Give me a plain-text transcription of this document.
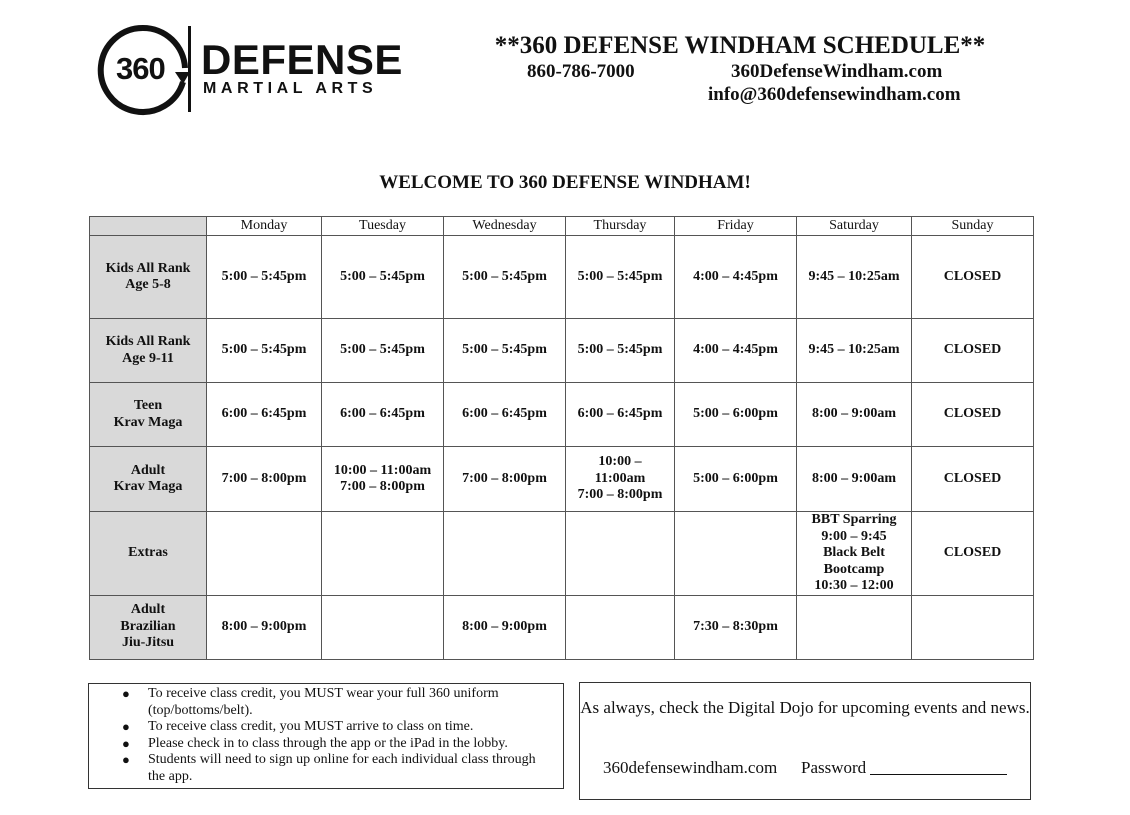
360 DEFENSE
MARTIAL ARTS
**360 DEFENSE WINDHAM SCHEDULE**
860-786-7000	360DefenseWindham.com
info@360defensewindham.com
WELCOME TO 360 DEFENSE WINDHAM!
	Monday	Tuesday	Wednesday	Thursday	Friday	Saturday	Sunday

Kids All Rank
Age 5-8	5:00 – 5:45pm	5:00 – 5:45pm	5:00 – 5:45pm	5:00 – 5:45pm	4:00 – 4:45pm	9:45 – 10:25am	CLOSED

Kids All Rank
Age 9-11	5:00 – 5:45pm	5:00 – 5:45pm	5:00 – 5:45pm	5:00 – 5:45pm	4:00 – 4:45pm	9:45 – 10:25am	CLOSED

Teen
Krav Maga	6:00 – 6:45pm	6:00 – 6:45pm	6:00 – 6:45pm	6:00 – 6:45pm	5:00 – 6:00pm	8:00 – 9:00am	CLOSED

Adult
Krav Maga	7:00 – 8:00pm	10:00 – 11:00am
7:00 – 8:00pm	7:00 – 8:00pm	10:00 –
11:00am
7:00 – 8:00pm	5:00 – 6:00pm	8:00 – 9:00am	CLOSED

Extras						BBT Sparring
9:00 – 9:45
Black Belt
Bootcamp
10:30 – 12:00	CLOSED

Adult
Brazilian
Jiu-Jitsu	8:00 – 9:00pm		8:00 – 9:00pm		7:30 – 8:30pm		

● To receive class credit, you MUST wear your full 360 uniform (top/bottoms/belt).
● To receive class credit, you MUST arrive to class on time.
● Please check in to class through the app or the iPad in the lobby.
● Students will need to sign up online for each individual class through the app.
As always, check the Digital Dojo for upcoming events and news.
360defensewindham.com Password
